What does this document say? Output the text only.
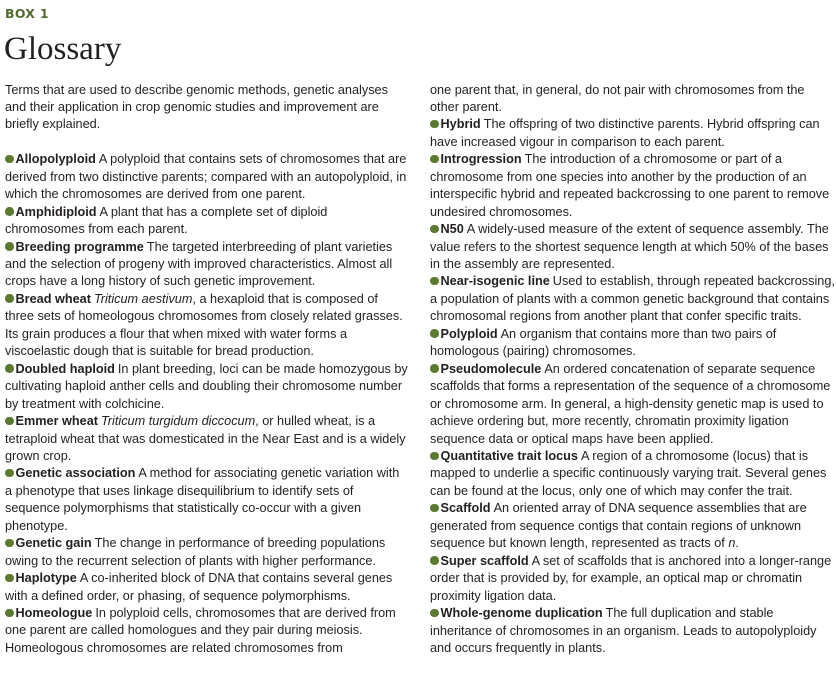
BOX 1
Glossary

Terms that are used to describe genomic methods, genetic analyses and their application in crop genomic studies and improvement are briefly explained.

Allopolyploid A polyploid that contains sets of chromosomes that are derived from two distinctive parents; compared with an autopolyploid, in which the chromosomes are derived from one parent.

Amphidiploid A plant that has a complete set of diploid chromosomes from each parent.

Breeding programme The targeted interbreeding of plant varieties and the selection of progeny with improved characteristics. Almost all crops have a long history of such genetic improvement.

Bread wheat Triticum aestivum, a hexaploid that is composed of three sets of homeologous chromosomes from closely related grasses. Its grain produces a flour that when mixed with water forms a viscoelastic dough that is suitable for bread production.

Doubled haploid In plant breeding, loci can be made homozygous by cultivating haploid anther cells and doubling their chromosome number by treatment with colchicine.

Emmer wheat Triticum turgidum diccocum, or hulled wheat, is a tetraploid wheat that was domesticated in the Near East and is a widely grown crop.

Genetic association A method for associating genetic variation with a phenotype that uses linkage disequilibrium to identify sets of sequence polymorphisms that statistically co-occur with a given phenotype.

Genetic gain The change in performance of breeding populations owing to the recurrent selection of plants with higher performance.

Haplotype A co-inherited block of DNA that contains several genes with a defined order, or phasing, of sequence polymorphisms.

Homeologue In polyploid cells, chromosomes that are derived from one parent are called homologues and they pair during meiosis. Homeologous chromosomes are related chromosomes from

one parent that, in general, do not pair with chromosomes from the other parent.

Hybrid The offspring of two distinctive parents. Hybrid offspring can have increased vigour in comparison to each parent.

Introgression The introduction of a chromosome or part of a chromosome from one species into another by the production of an interspecific hybrid and repeated backcrossing to one parent to remove undesired chromosomes.

N50 A widely-used measure of the extent of sequence assembly. The value refers to the shortest sequence length at which 50% of the bases in the assembly are represented.

Near-isogenic line Used to establish, through repeated backcrossing, a population of plants with a common genetic background that contains chromosomal regions from another plant that confer specific traits.

Polyploid An organism that contains more than two pairs of homologous (pairing) chromosomes.

Pseudomolecule An ordered concatenation of separate sequence scaffolds that forms a representation of the sequence of a chromosome or chromosome arm. In general, a high-density genetic map is used to achieve ordering but, more recently, chromatin proximity ligation sequence data or optical maps have been applied.

Quantitative trait locus A region of a chromosome (locus) that is mapped to underlie a specific continuously varying trait. Several genes can be found at the locus, only one of which may confer the trait.

Scaffold An oriented array of DNA sequence assemblies that are generated from sequence contigs that contain regions of unknown sequence but known length, represented as tracts of n.

Super scaffold A set of scaffolds that is anchored into a longer-range order that is provided by, for example, an optical map or chromatin proximity ligation data.

Whole-genome duplication The full duplication and stable inheritance of chromosomes in an organism. Leads to autopolyploidy and occurs frequently in plants.
